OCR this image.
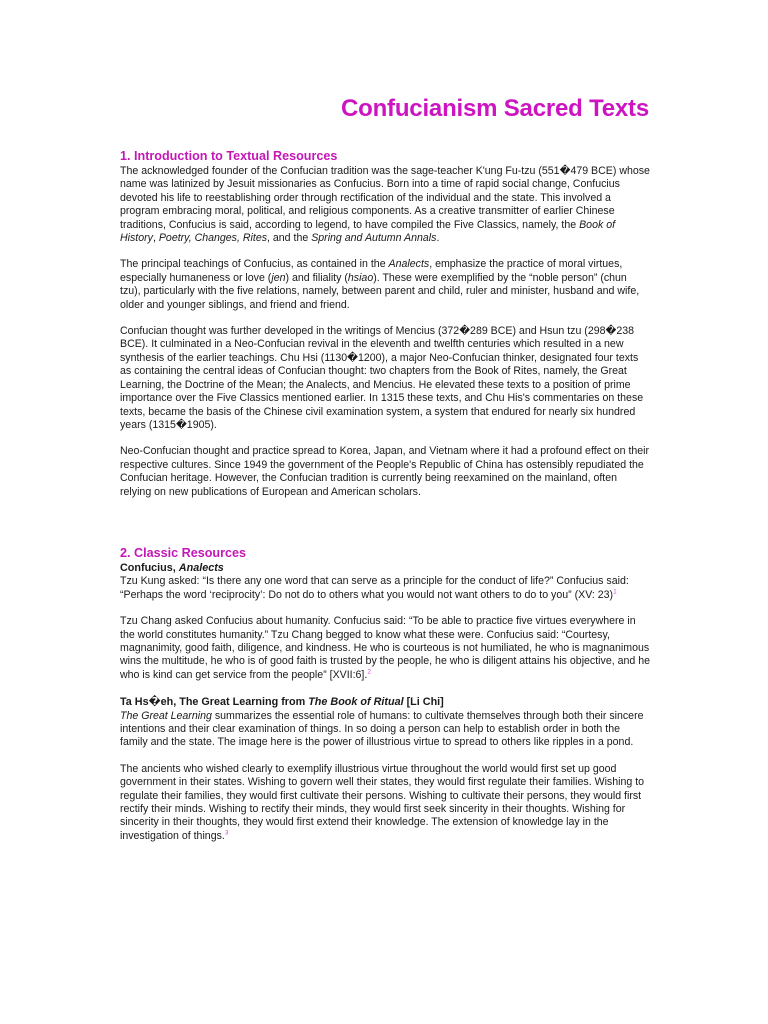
Confucianism Sacred Texts
1. Introduction to Textual Resources

The acknowledged founder of the Confucian tradition was the sage-teacher K'ung Fu-tzu (551�479 BCE) whose name was latinized by Jesuit missionaries as Confucius. Born into a time of rapid social change, Confucius devoted his life to reestablishing order through rectification of the individual and the state. This involved a program embracing moral, political, and religious components. As a creative transmitter of earlier Chinese traditions, Confucius is said, according to legend, to have compiled the Five Classics, namely, the Book of History, Poetry, Changes, Rites, and the Spring and Autumn Annals.

The principal teachings of Confucius, as contained in the Analects, emphasize the practice of moral virtues, especially humaneness or love (jen) and filiality (hsiao). These were exemplified by the “noble person” (chun tzu), particularly with the five relations, namely, between parent and child, ruler and minister, husband and wife, older and younger siblings, and friend and friend.

Confucian thought was further developed in the writings of Mencius (372�289 BCE) and Hsun tzu (298�238 BCE). It culminated in a Neo-Confucian revival in the eleventh and twelfth centuries which resulted in a new synthesis of the earlier teachings. Chu Hsi (1130�1200), a major Neo-Confucian thinker, designated four texts as containing the central ideas of Confucian thought: two chapters from the Book of Rites, namely, the Great Learning, the Doctrine of the Mean; the Analects, and Mencius. He elevated these texts to a position of prime importance over the Five Classics mentioned earlier. In 1315 these texts, and Chu His's commentaries on these texts, became the basis of the Chinese civil examination system, a system that endured for nearly six hundred years (1315�1905).

Neo-Confucian thought and practice spread to Korea, Japan, and Vietnam where it had a profound effect on their respective cultures. Since 1949 the government of the People's Republic of China has ostensibly repudiated the Confucian heritage. However, the Confucian tradition is currently being reexamined on the mainland, often relying on new publications of European and American scholars.

2. Classic Resources

Confucius, Analects

Tzu Kung asked: “Is there any one word that can serve as a principle for the conduct of life?” Confucius said: “Perhaps the word ‘reciprocity’: Do not do to others what you would not want others to do to you” (XV: 23)$^1$

Tzu Chang asked Confucius about humanity. Confucius said: “To be able to practice five virtues everywhere in the world constitutes humanity.” Tzu Chang begged to know what these were. Confucius said: “Courtesy, magnanimity, good faith, diligence, and kindness. He who is courteous is not humiliated, he who is magnanimous wins the multitude, he who is of good faith is trusted by the people, he who is diligent attains his objective, and he who is kind can get service from the people” [XVII:6].$^2$

Ta Hs�eh, The Great Learning from The Book of Ritual [Li Chi]

The Great Learning summarizes the essential role of humans: to cultivate themselves through both their sincere intentions and their clear examination of things. In so doing a person can help to establish order in both the family and the state. The image here is the power of illustrious virtue to spread to others like ripples in a pond.

The ancients who wished clearly to exemplify illustrious virtue throughout the world would first set up good government in their states. Wishing to govern well their states, they would first regulate their families. Wishing to regulate their families, they would first cultivate their persons. Wishing to cultivate their persons, they would first rectify their minds. Wishing to rectify their minds, they would first seek sincerity in their thoughts. Wishing for sincerity in their thoughts, they would first extend their knowledge. The extension of knowledge lay in the investigation of things.$^3$
